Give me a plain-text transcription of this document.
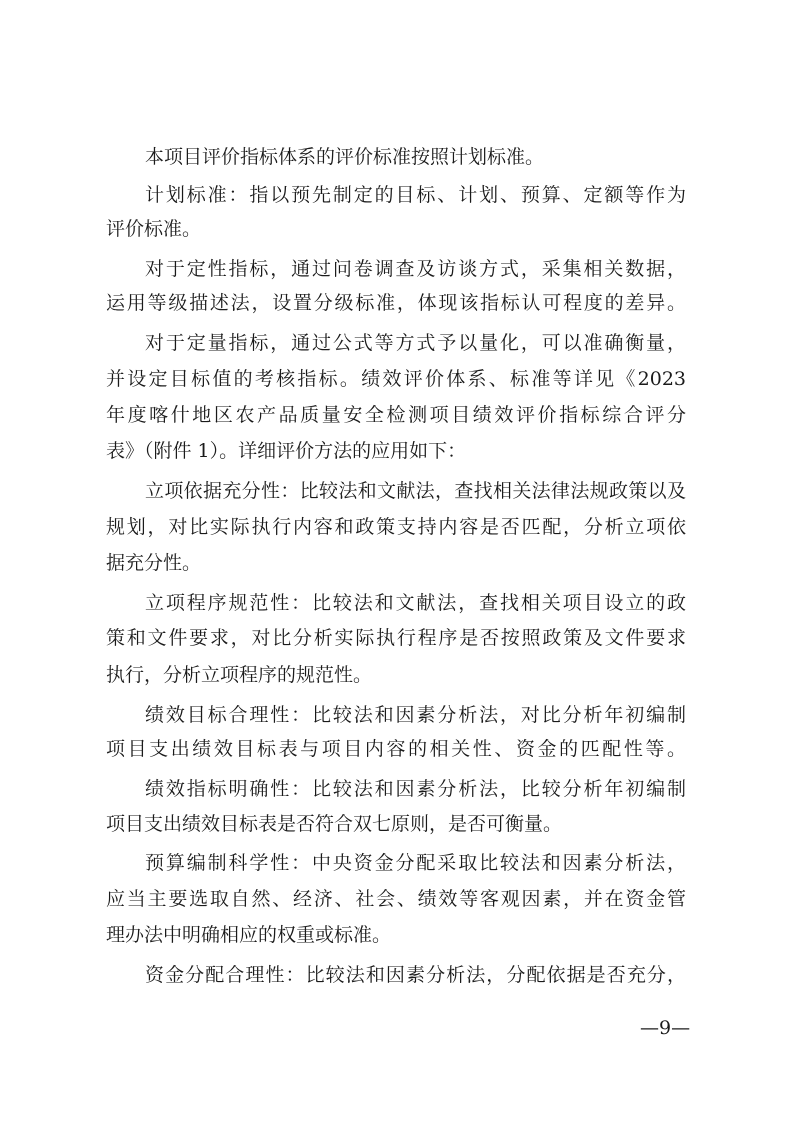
本项目评价指标体系的评价标准按照计划标准。
计划标准：指以预先制定的目标、计划、预算、定额等作为
评价标准。
对于定性指标，通过问卷调查及访谈方式，采集相关数据，
运用等级描述法，设置分级标准，体现该指标认可程度的差异。
对于定量指标，通过公式等方式予以量化，可以准确衡量，
并设定目标值的考核指标。绩效评价体系、标准等详见《2023
年度喀什地区农产品质量安全检测项目绩效评价指标综合评分
表》（附件 1）。详细评价方法的应用如下：
立项依据充分性：比较法和文献法，查找相关法律法规政策以及
规划，对比实际执行内容和政策支持内容是否匹配，分析立项依
据充分性。
立项程序规范性：比较法和文献法，查找相关项目设立的政
策和文件要求，对比分析实际执行程序是否按照政策及文件要求
执行，分析立项程序的规范性。
绩效目标合理性：比较法和因素分析法，对比分析年初编制
项目支出绩效目标表与项目内容的相关性、资金的匹配性等。
绩效指标明确性：比较法和因素分析法，比较分析年初编制
项目支出绩效目标表是否符合双七原则，是否可衡量。
预算编制科学性：中央资金分配采取比较法和因素分析法，
应当主要选取自然、经济、社会、绩效等客观因素，并在资金管
理办法中明确相应的权重或标准。
资金分配合理性：比较法和因素分析法，分配依据是否充分，
—9—
